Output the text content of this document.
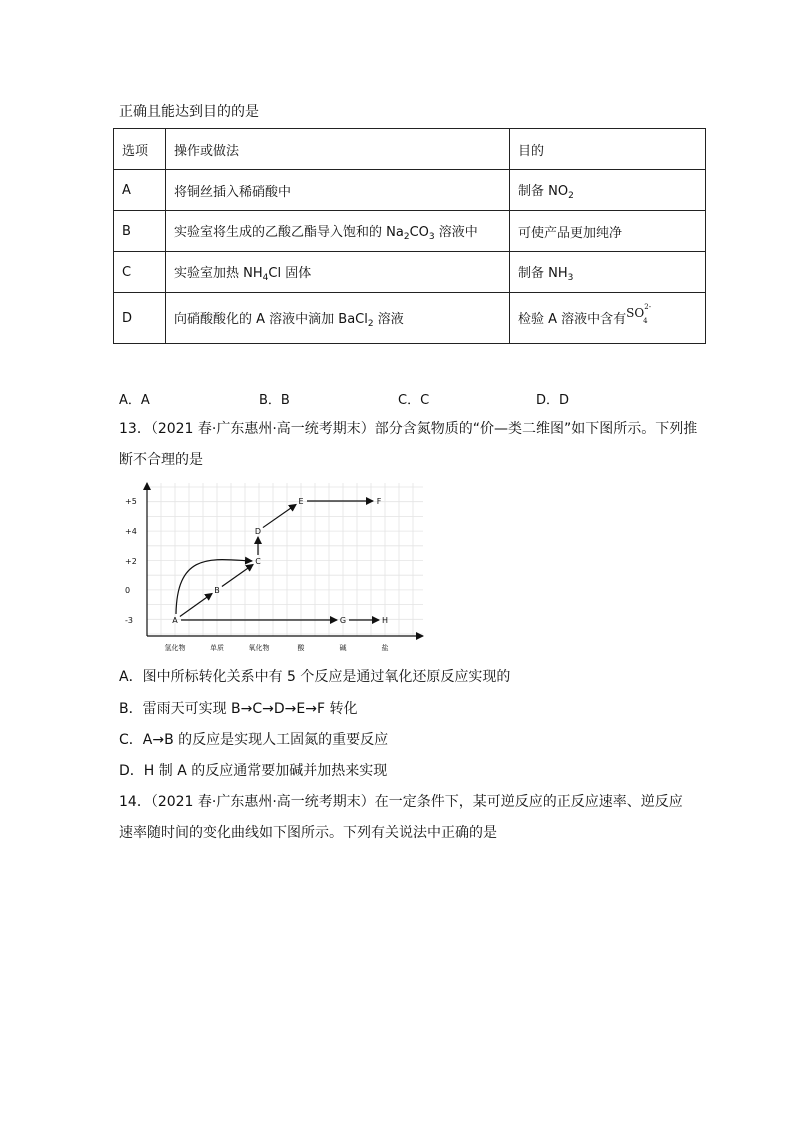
正确且能达到目的的是
选项	操作或做法	目的
A	将铜丝插入稀硝酸中	制备 $NO_2$
B	实验室将生成的乙酸乙酯导入饱和的 $Na_2CO_3$ 溶液中	可使产品更加纯净
C	实验室加热 $NH_4Cl$ 固体	制备 $NH_3$
D	向硝酸酸化的 A 溶液中滴加 BaCl$_2$ 溶液	检验 A 溶液中含有$SO^{2-}_4$
A．A	B．B	C．C	D．D
13．（2021 春·广东惠州·高一统考期末）部分含氮物质的“价—类二维图”如下图所示。下列推
断不合理的是
A
B
C
D
E	F
G	H
+5
+4
+2
0
-3
氢化物	单质	氧化物	酸	碱	盐
A．图中所标转化关系中有 5 个反应是通过氧化还原反应实现的
B．雷雨天可实现 B→C→D→E→F 转化
C．A→B 的反应是实现人工固氮的重要反应
D．H 制 A 的反应通常要加碱并加热来实现
14．（2021 春·广东惠州·高一统考期末）在一定条件下，某可逆反应的正反应速率、逆反应
速率随时间的变化曲线如下图所示。下列有关说法中正确的是
